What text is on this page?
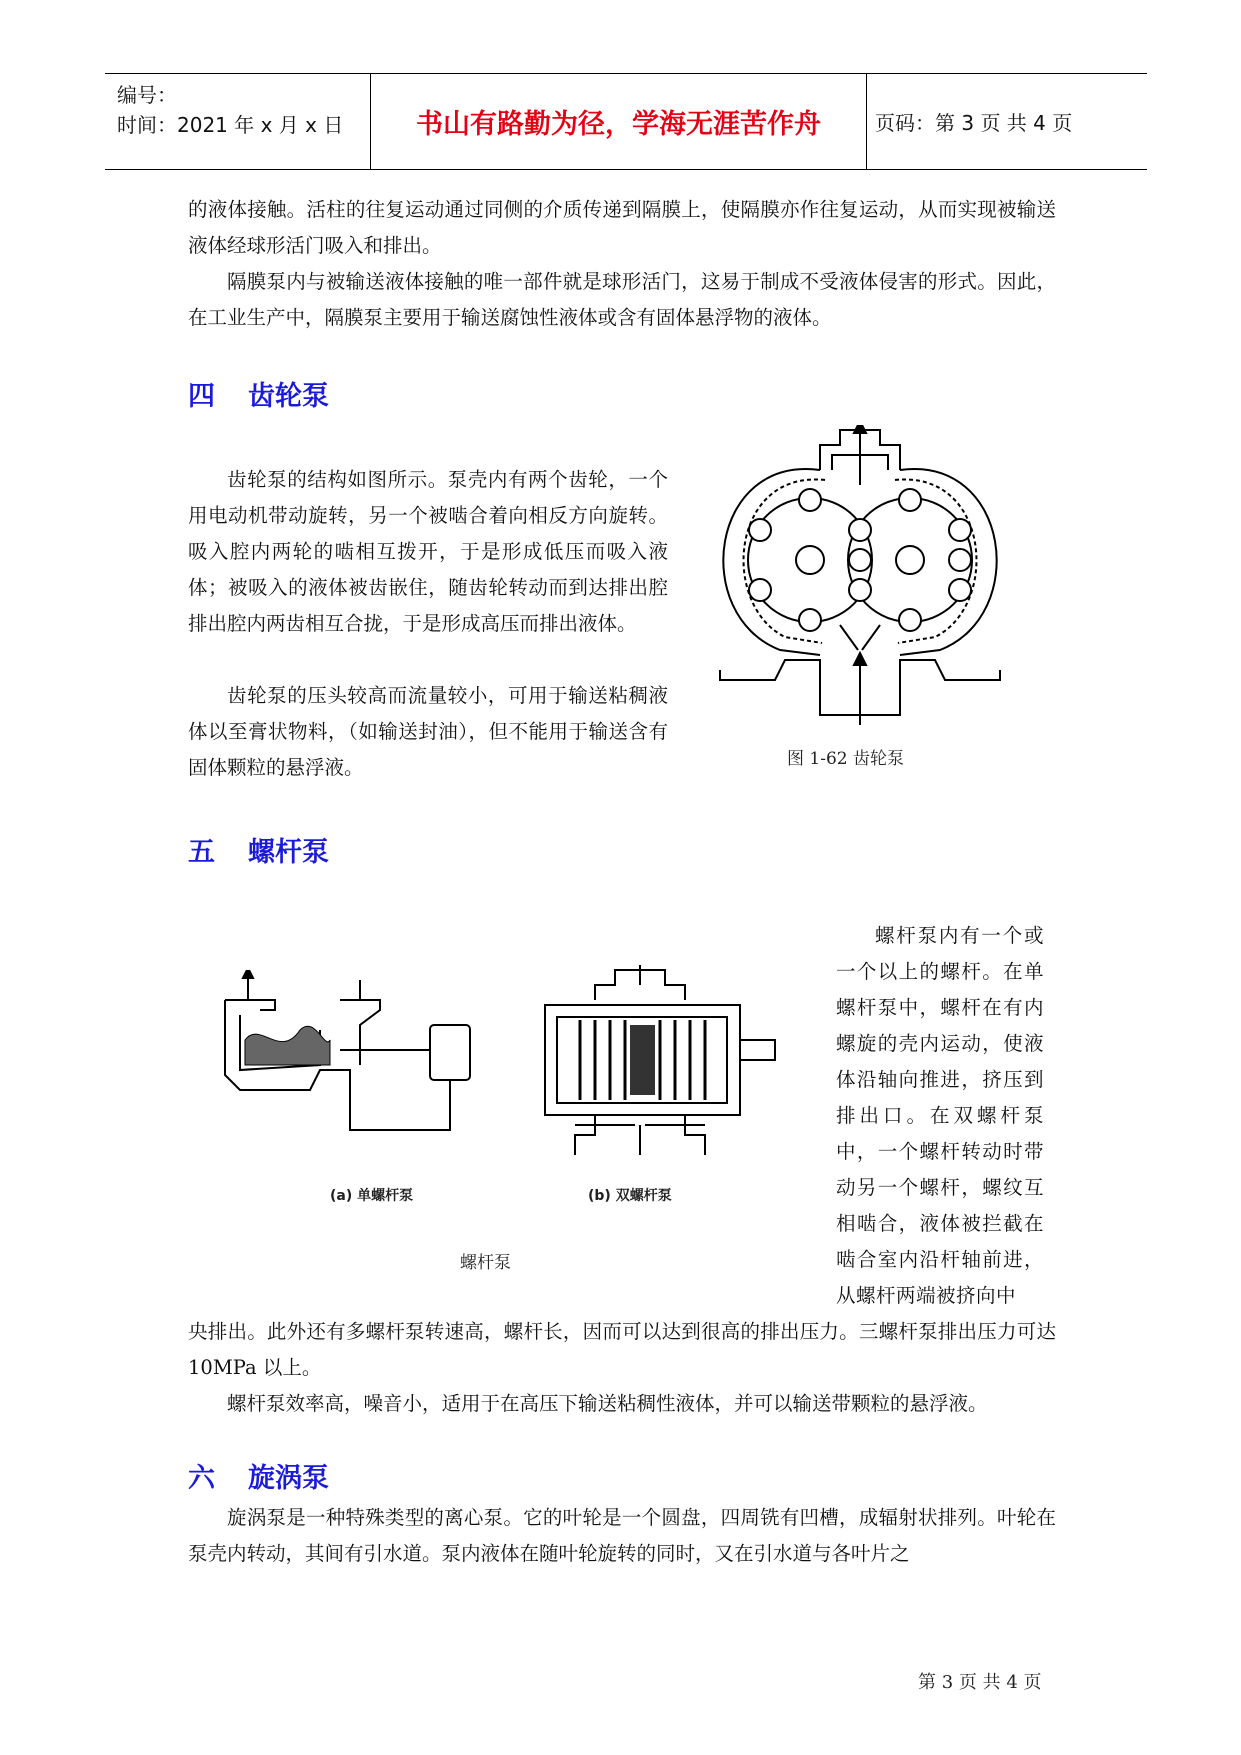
编号：
时间：2021 年 x 月 x 日	书山有路勤为径，学海无涯苦作舟	页码：第 3 页 共 4 页

的液体接触。活柱的往复运动通过同侧的介质传递到隔膜上，使隔膜亦作往复运动，从而实现被输送液体经球形活门吸入和排出。

隔膜泵内与被输送液体接触的唯一部件就是球形活门，这易于制成不受液体侵害的形式。因此，在工业生产中，隔膜泵主要用于输送腐蚀性液体或含有固体悬浮物的液体。

四 齿轮泵

齿轮泵的结构如图所示。泵壳内有两个齿轮，一个用电动机带动旋转，另一个被啮合着向相反方向旋转。吸入腔内两轮的啮相互拨开，于是形成低压而吸入液体；被吸入的液体被齿嵌住，随齿轮转动而到达排出腔排出腔内两齿相互合拢，于是形成高压而排出液体。

齿轮泵的压头较高而流量较小，可用于输送粘稠液体以至膏状物料，（如输送封油），但不能用于输送含有固体颗粒的悬浮液。	图 1-62 齿轮泵
五 螺杆泵

螺杆泵内有一个或一个以上的螺杆。在单螺杆泵中，螺杆在有内螺旋的壳内运动，使液体沿轴向推进，挤压到排出口。在双螺杆泵中，一个螺杆转动时带动另一个螺杆，螺纹互相啮合，液体被拦截在啮合室内沿杆轴前进，从螺杆两端被挤向中

(a) 单螺杆泵	(b) 双螺杆泵
螺杆泵

央排出。此外还有多螺杆泵转速高，螺杆长，因而可以达到很高的排出压力。三螺杆泵排出压力可达 10MPa 以上。

螺杆泵效率高，噪音小，适用于在高压下输送粘稠性液体，并可以输送带颗粒的悬浮液。

六 旋涡泵

旋涡泵是一种特殊类型的离心泵。它的叶轮是一个圆盘，四周铣有凹槽，成辐射状排列。叶轮在泵壳内转动，其间有引水道。泵内液体在随叶轮旋转的同时，又在引水道与各叶片之

第 3 页 共 4 页
